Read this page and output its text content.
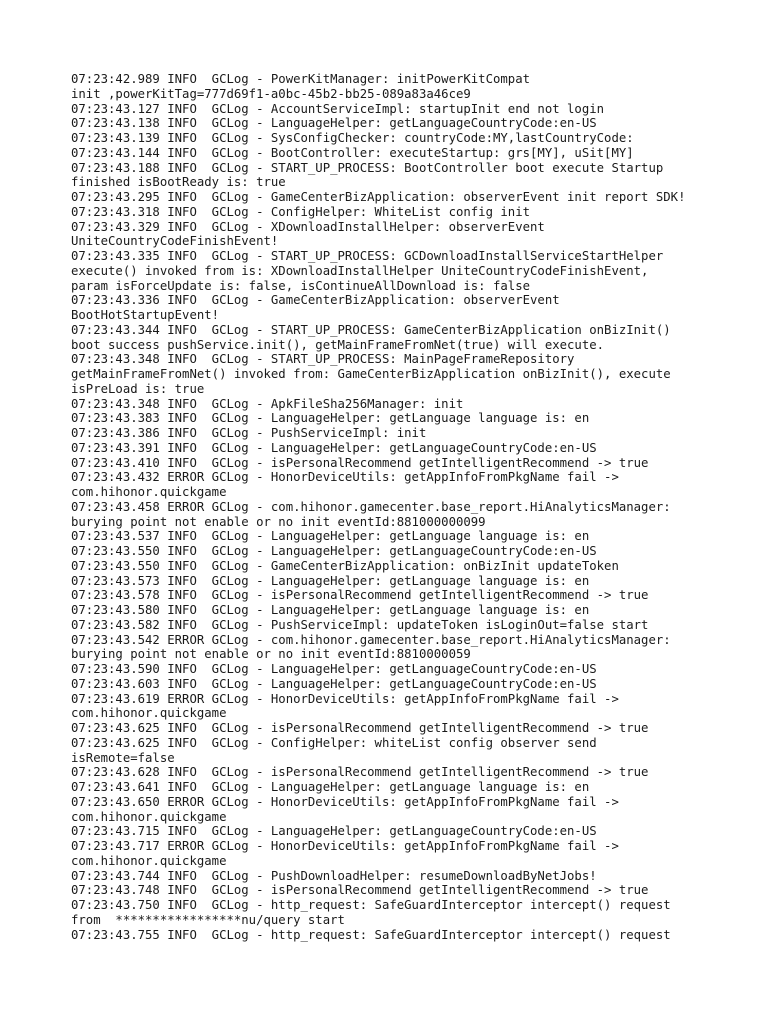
07:23:42.989 INFO  GCLog - PowerKitManager: initPowerKitCompat
init ,powerKitTag=777d69f1-a0bc-45b2-bb25-089a83a46ce9
07:23:43.127 INFO  GCLog - AccountServiceImpl: startupInit end not login
07:23:43.138 INFO  GCLog - LanguageHelper: getLanguageCountryCode:en-US
07:23:43.139 INFO  GCLog - SysConfigChecker: countryCode:MY,lastCountryCode:
07:23:43.144 INFO  GCLog - BootController: executeStartup: grs[MY], uSit[MY]
07:23:43.188 INFO  GCLog - START_UP_PROCESS: BootController boot execute Startup
finished isBootReady is: true
07:23:43.295 INFO  GCLog - GameCenterBizApplication: observerEvent init report SDK!
07:23:43.318 INFO  GCLog - ConfigHelper: WhiteList config init
07:23:43.329 INFO  GCLog - XDownloadInstallHelper: observerEvent
UniteCountryCodeFinishEvent!
07:23:43.335 INFO  GCLog - START_UP_PROCESS: GCDownloadInstallServiceStartHelper
execute() invoked from is: XDownloadInstallHelper UniteCountryCodeFinishEvent,
param isForceUpdate is: false, isContinueAllDownload is: false
07:23:43.336 INFO  GCLog - GameCenterBizApplication: observerEvent
BootHotStartupEvent!
07:23:43.344 INFO  GCLog - START_UP_PROCESS: GameCenterBizApplication onBizInit()
boot success pushService.init(), getMainFrameFromNet(true) will execute.
07:23:43.348 INFO  GCLog - START_UP_PROCESS: MainPageFrameRepository
getMainFrameFromNet() invoked from: GameCenterBizApplication onBizInit(), execute
isPreLoad is: true
07:23:43.348 INFO  GCLog - ApkFileSha256Manager: init
07:23:43.383 INFO  GCLog - LanguageHelper: getLanguage language is: en
07:23:43.386 INFO  GCLog - PushServiceImpl: init
07:23:43.391 INFO  GCLog - LanguageHelper: getLanguageCountryCode:en-US
07:23:43.410 INFO  GCLog - isPersonalRecommend getIntelligentRecommend -> true
07:23:43.432 ERROR GCLog - HonorDeviceUtils: getAppInfoFromPkgName fail ->
com.hihonor.quickgame
07:23:43.458 ERROR GCLog - com.hihonor.gamecenter.base_report.HiAnalyticsManager:
burying point not enable or no init eventId:881000000099
07:23:43.537 INFO  GCLog - LanguageHelper: getLanguage language is: en
07:23:43.550 INFO  GCLog - LanguageHelper: getLanguageCountryCode:en-US
07:23:43.550 INFO  GCLog - GameCenterBizApplication: onBizInit updateToken
07:23:43.573 INFO  GCLog - LanguageHelper: getLanguage language is: en
07:23:43.578 INFO  GCLog - isPersonalRecommend getIntelligentRecommend -> true
07:23:43.580 INFO  GCLog - LanguageHelper: getLanguage language is: en
07:23:43.582 INFO  GCLog - PushServiceImpl: updateToken isLoginOut=false start
07:23:43.542 ERROR GCLog - com.hihonor.gamecenter.base_report.HiAnalyticsManager:
burying point not enable or no init eventId:8810000059
07:23:43.590 INFO  GCLog - LanguageHelper: getLanguageCountryCode:en-US
07:23:43.603 INFO  GCLog - LanguageHelper: getLanguageCountryCode:en-US
07:23:43.619 ERROR GCLog - HonorDeviceUtils: getAppInfoFromPkgName fail ->
com.hihonor.quickgame
07:23:43.625 INFO  GCLog - isPersonalRecommend getIntelligentRecommend -> true
07:23:43.625 INFO  GCLog - ConfigHelper: whiteList config observer send
isRemote=false
07:23:43.628 INFO  GCLog - isPersonalRecommend getIntelligentRecommend -> true
07:23:43.641 INFO  GCLog - LanguageHelper: getLanguage language is: en
07:23:43.650 ERROR GCLog - HonorDeviceUtils: getAppInfoFromPkgName fail ->
com.hihonor.quickgame
07:23:43.715 INFO  GCLog - LanguageHelper: getLanguageCountryCode:en-US
07:23:43.717 ERROR GCLog - HonorDeviceUtils: getAppInfoFromPkgName fail ->
com.hihonor.quickgame
07:23:43.744 INFO  GCLog - PushDownloadHelper: resumeDownloadByNetJobs!
07:23:43.748 INFO  GCLog - isPersonalRecommend getIntelligentRecommend -> true
07:23:43.750 INFO  GCLog - http_request: SafeGuardInterceptor intercept() request
from  *****************nu/query start
07:23:43.755 INFO  GCLog - http_request: SafeGuardInterceptor intercept() request
